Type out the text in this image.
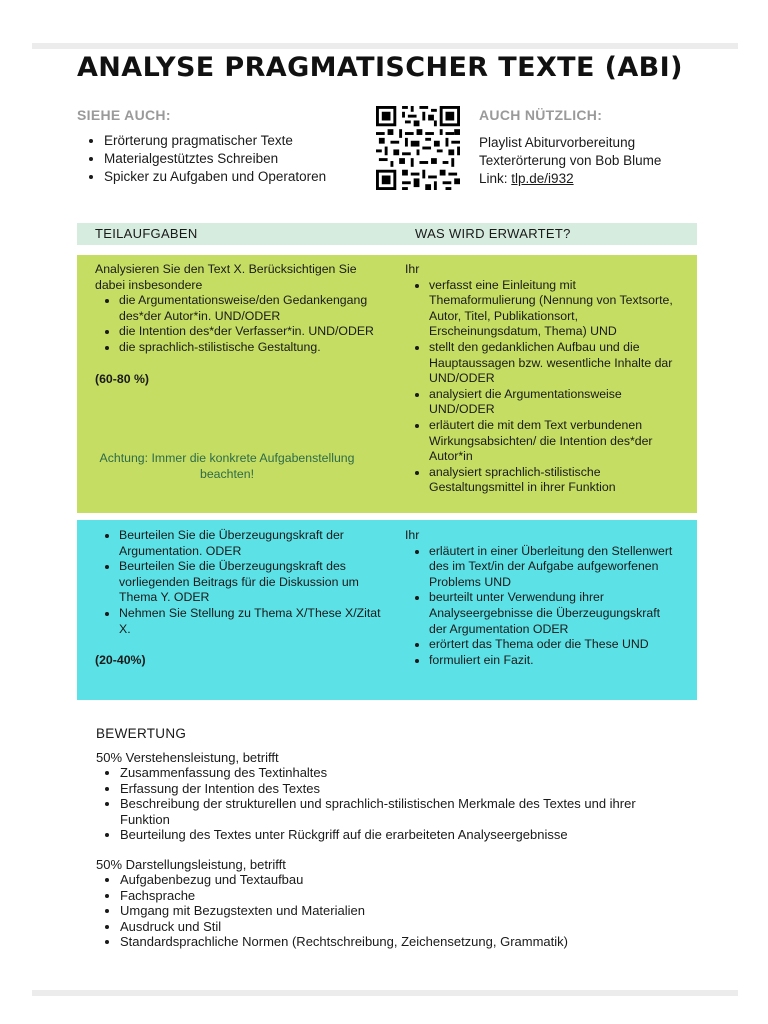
ANALYSE PRAGMATISCHER TEXTE (ABI)
SIEHE AUCH:
• Erörterung pragmatischer Texte
• Materialgestütztes Schreiben
• Spicker zu Aufgaben und Operatoren
AUCH NÜTZLICH:
Playlist Abiturvorbereitung
Texterörterung von Bob Blume
Link: tlp.de/i932
TEILAUFGABEN	WAS WIRD ERWARTET?

Analysieren Sie den Text X. Berücksichtigen Sie dabei insbesondere

• die Argumentationsweise/den Gedankengang des*der Autor*in. UND/ODER
• die Intention des*der Verfasser*in. UND/ODER
• die sprachlich-stilistische Gestaltung.

(60-80 %)

Achtung: Immer die konkrete Aufgabenstellung beachten!

Ihr

• verfasst eine Einleitung mit Themaformulierung (Nennung von Textsorte, Autor, Titel, Publikationsort, Erscheinungsdatum, Thema) UND
• stellt den gedanklichen Aufbau und die Hauptaussagen bzw. wesentliche Inhalte dar UND/ODER
• analysiert die Argumentationsweise UND/ODER
• erläutert die mit dem Text verbundenen Wirkungsabsichten/ die Intention des*der Autor*in
• analysiert sprachlich-stilistische Gestaltungsmittel in ihrer Funktion
• Beurteilen Sie die Überzeugungskraft der Argumentation. ODER
• Beurteilen Sie die Überzeugungskraft des vorliegenden Beitrags für die Diskussion um Thema Y. ODER
• Nehmen Sie Stellung zu Thema X/These X/Zitat X.

(20-40%)

Ihr

• erläutert in einer Überleitung den Stellenwert des im Text/in der Aufgabe aufgeworfenen Problems UND
• beurteilt unter Verwendung ihrer Analyseergebnisse die Überzeugungskraft der Argumentation ODER
• erörtert das Thema oder die These UND
• formuliert ein Fazit.

BEWERTUNG

50% Verstehensleistung, betrifft

• Zusammenfassung des Textinhaltes
• Erfassung der Intention des Textes
• Beschreibung der strukturellen und sprachlich-stilistischen Merkmale des Textes und ihrer Funktion
• Beurteilung des Textes unter Rückgriff auf die erarbeiteten Analyseergebnisse

50% Darstellungsleistung, betrifft

• Aufgabenbezug und Textaufbau
• Fachsprache
• Umgang mit Bezugstexten und Materialien
• Ausdruck und Stil
• Standardsprachliche Normen (Rechtschreibung, Zeichensetzung, Grammatik)
